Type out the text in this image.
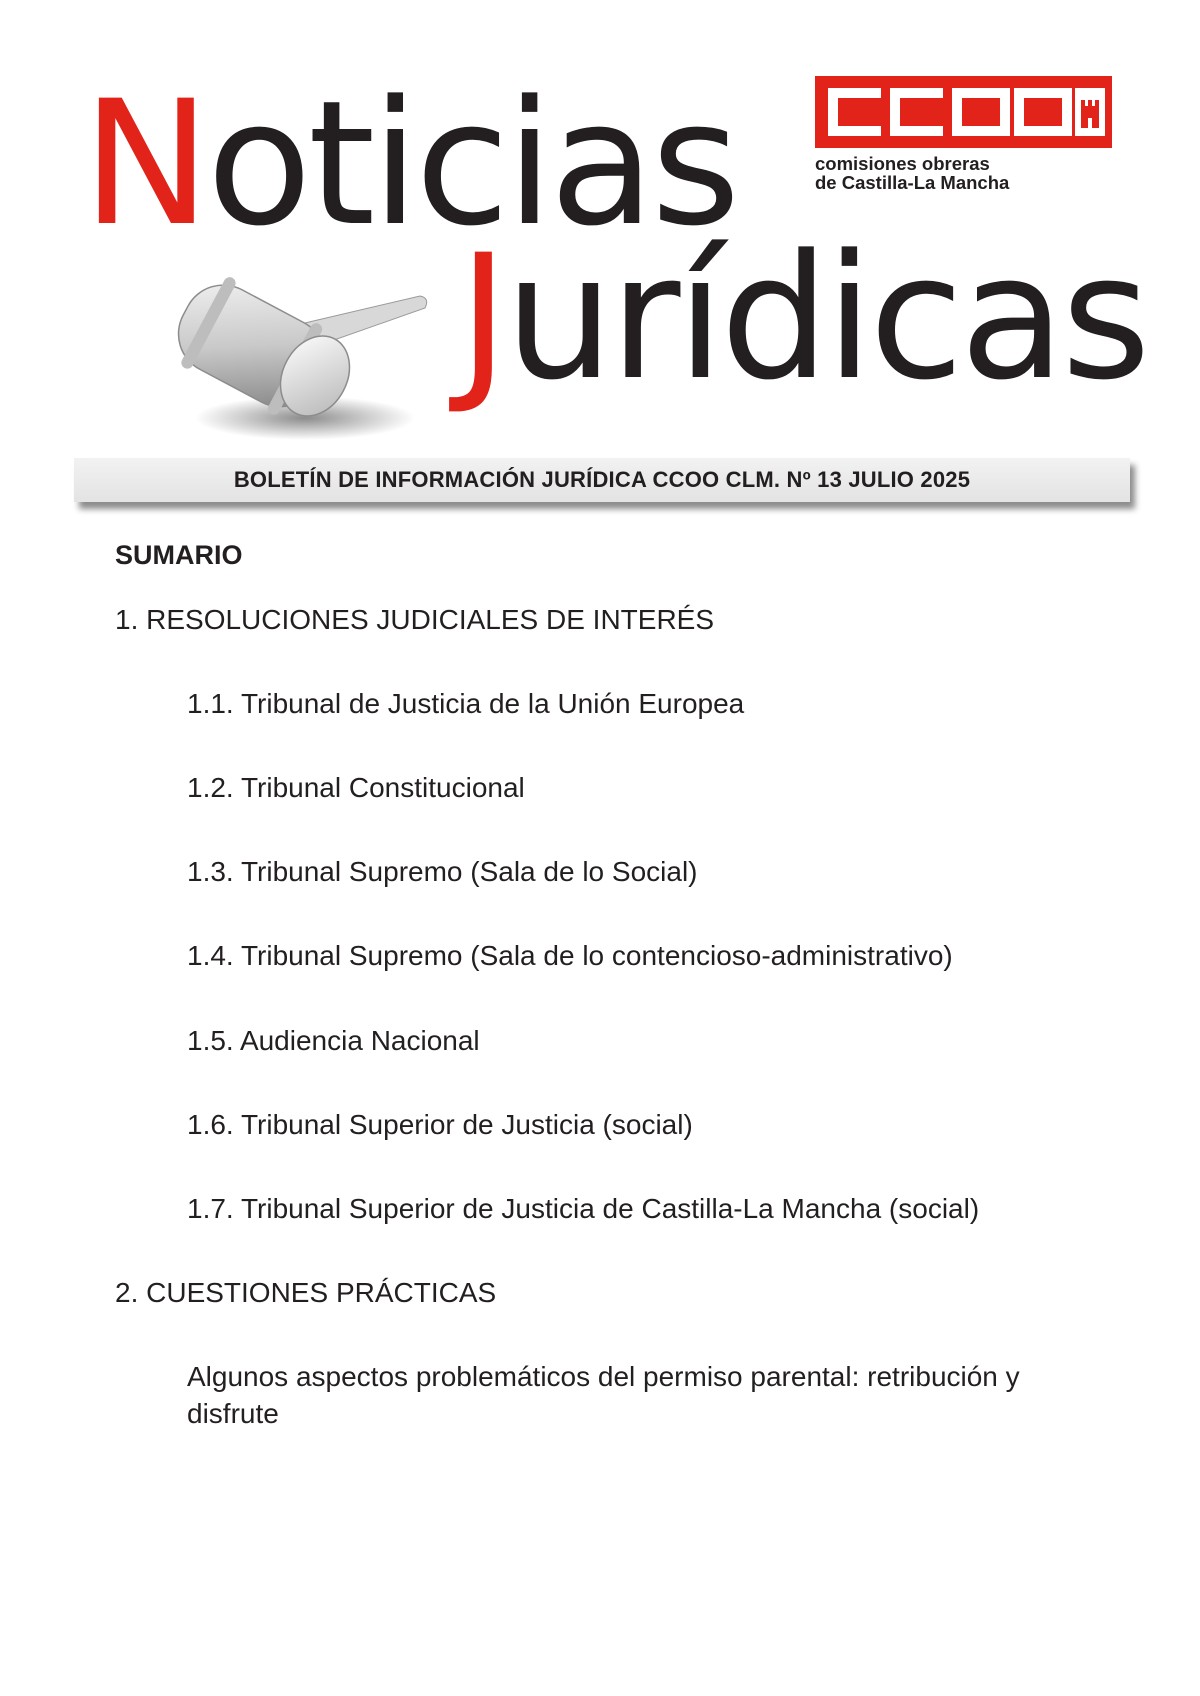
Noticias
Jurídicas
comisiones obreras
de Castilla-La Mancha
BOLETÍN DE INFORMACIÓN JURÍDICA CCOO CLM. Nº 13 JULIO 2025
SUMARIO
1. RESOLUCIONES JUDICIALES DE INTERÉS
1.1. Tribunal de Justicia de la Unión Europea
1.2. Tribunal Constitucional
1.3. Tribunal Supremo (Sala de lo Social)
1.4. Tribunal Supremo (Sala de lo contencioso-administrativo)
1.5. Audiencia Nacional
1.6. Tribunal Superior de Justicia (social)
1.7. Tribunal Superior de Justicia de Castilla-La Mancha (social)
2. CUESTIONES PRÁCTICAS
Algunos aspectos problemáticos del permiso parental: retribución y disfrute
